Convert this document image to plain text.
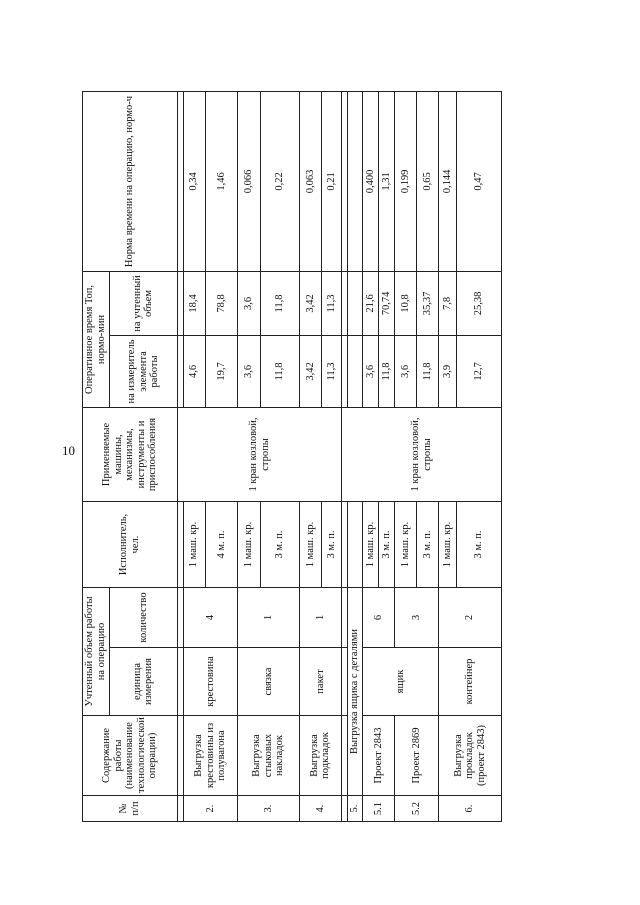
10
№ п/п	Содержание работы (наименование технологической операции)	Учтенный объем работы на операцию		Исполнитель, чел.	Применяемые машины, механизмы, инструменты и приспособления	Оперативное время Топ, нормо-мин		Норма времени на операцию, нормо-ч
		единица измерения	количество			на измеритель элемента работы	на учтенный объем	

					1 кран козловой, стропы			

2.	Выгрузка крестовины из полувагона	крестовина	4	1 маш. кр.		4,6	18,4	0,34
				4 м. п.		19,7	78,8	1,46
3.	Выгрузка стыковых накладок	связка	1	1 маш. кр.		3,6	3,6	0,066
				3 м. п.		11,8	11,8	0,22
4.	Выгрузка подкладок	пакет	1	1 маш. кр.		3,42	3,42	0,063
				3 м. п.		11,3	11,3	0,21

					1 кран козловой, стропы			

5.	Выгрузка ящика с деталями							
5.1	Проект 2843	ящик	6	1 маш. кр.		3,6	21,6	0,400
				3 м. п.		11,8	70,74	1,31
5.2	Проект 2869		3	1 маш. кр.		3,6	10,8	0,199
				3 м. п.		11,8	35,37	0,65
6.	Выгрузка прокладок (проект 2843)	контейнер	2	1 маш. кр.		3,9	7,8	0,144
				3 м. п.		12,7	25,38	0,47
